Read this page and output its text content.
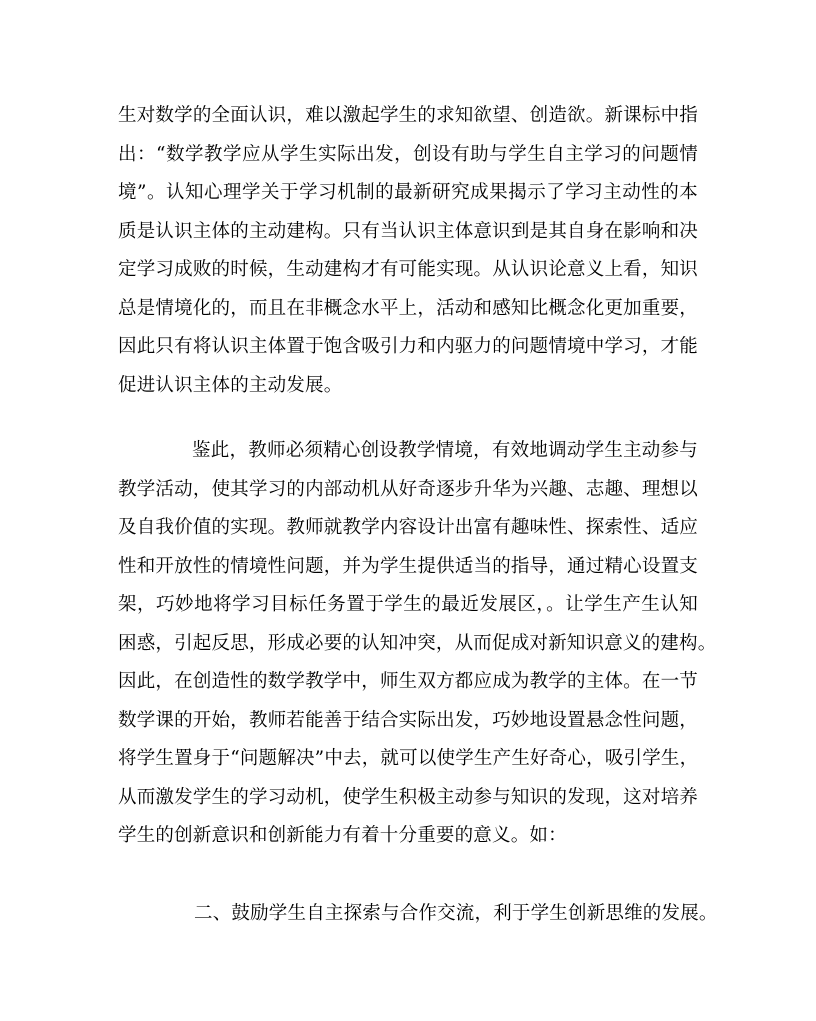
生对数学的全面认识，难以激起学生的求知欲望、创造欲。新课标中指
出：“数学教学应从学生实际出发，创设有助与学生自主学习的问题情
境”。认知心理学关于学习机制的最新研究成果揭示了学习主动性的本
质是认识主体的主动建构。只有当认识主体意识到是其自身在影响和决
定学习成败的时候，生动建构才有可能实现。从认识论意义上看，知识
总是情境化的，而且在非概念水平上，活动和感知比概念化更加重要，
因此只有将认识主体置于饱含吸引力和内驱力的问题情境中学习，才能
促进认识主体的主动发展。
鉴此，教师必须精心创设教学情境，有效地调动学生主动参与
教学活动，使其学习的内部动机从好奇逐步升华为兴趣、志趣、理想以
及自我价值的实现。教师就教学内容设计出富有趣味性、探索性、适应
性和开放性的情境性问题，并为学生提供适当的指导，通过精心设置支
架，巧妙地将学习目标任务置于学生的最近发展区，。让学生产生认知
困惑，引起反思，形成必要的认知冲突，从而促成对新知识意义的建构。
因此，在创造性的数学教学中，师生双方都应成为教学的主体。在一节
数学课的开始，教师若能善于结合实际出发，巧妙地设置悬念性问题，
将学生置身于“问题解决”中去，就可以使学生产生好奇心，吸引学生，
从而激发学生的学习动机，使学生积极主动参与知识的发现，这对培养
学生的创新意识和创新能力有着十分重要的意义。如：
二、鼓励学生自主探索与合作交流，利于学生创新思维的发展。
